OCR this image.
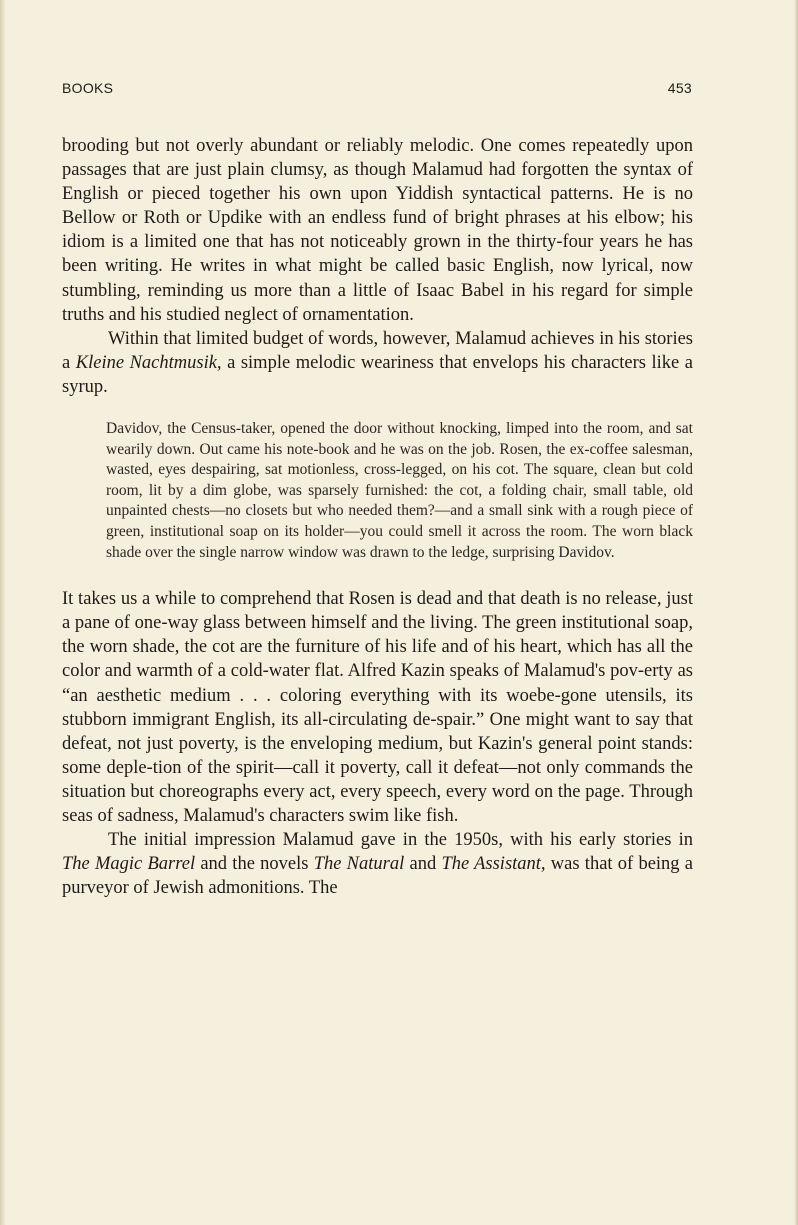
BOOKS	453

brooding but not overly abundant or reliably melodic. One comes repeatedly upon passages that are just plain clumsy, as though Malamud had forgotten the syntax of English or pieced together his own upon Yiddish syntactical patterns. He is no Bellow or Roth or Updike with an endless fund of bright phrases at his elbow; his idiom is a limited one that has not noticeably grown in the thirty-four years he has been writing. He writes in what might be called basic English, now lyrical, now stumbling, reminding us more than a little of Isaac Babel in his regard for simple truths and his studied neglect of ornamentation.

Within that limited budget of words, however, Malamud achieves in his stories a Kleine Nachtmusik, a simple melodic weariness that envelops his characters like a syrup.

Davidov, the Census-taker, opened the door without knocking, limped into the room, and sat wearily down. Out came his note-book and he was on the job. Rosen, the ex-coffee salesman, wasted, eyes despairing, sat motionless, cross-legged, on his cot. The square, clean but cold room, lit by a dim globe, was sparsely furnished: the cot, a folding chair, small table, old unpainted chests—no closets but who needed them?—and a small sink with a rough piece of green, institutional soap on its holder—you could smell it across the room. The worn black shade over the single narrow window was drawn to the ledge, surprising Davidov.

It takes us a while to comprehend that Rosen is dead and that death is no release, just a pane of one-way glass between himself and the living. The green institutional soap, the worn shade, the cot are the furniture of his life and of his heart, which has all the color and warmth of a cold-water flat. Alfred Kazin speaks of Malamud's pov-erty as “an aesthetic medium . . . coloring everything with its woebe-gone utensils, its stubborn immigrant English, its all-circulating de-spair.” One might want to say that defeat, not just poverty, is the enveloping medium, but Kazin's general point stands: some deple-tion of the spirit—call it poverty, call it defeat—not only commands the situation but choreographs every act, every speech, every word on the page. Through seas of sadness, Malamud's characters swim like fish.

The initial impression Malamud gave in the 1950s, with his early stories in The Magic Barrel and the novels The Natural and The Assistant, was that of being a purveyor of Jewish admonitions. The
